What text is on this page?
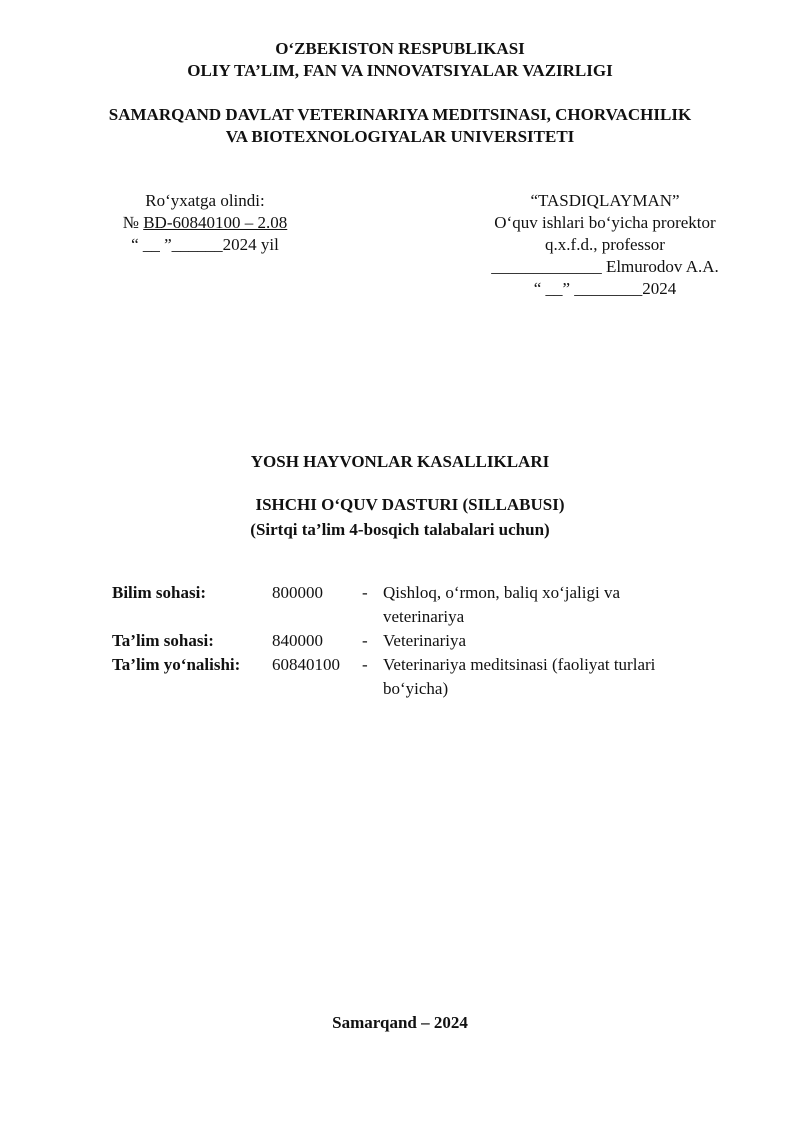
O‘ZBEKISTON RESPUBLIKASI
OLIY TA’LIM, FAN VA INNOVATSIYALAR VAZIRLIGI
SAMARQAND DAVLAT VETERINARIYA MEDITSINASI, CHORVACHILIK
VA BIOTEXNOLOGIYALAR UNIVERSITETI
Ro‘yxatga olindi:
№ BD-60840100 – 2.08
“ __ ”______2024 yil
“TASDIQLAYMAN”
O‘quv ishlari bo‘yicha prorektor
q.x.f.d., professor
_____________ Elmurodov A.A.
“ __” ________2024
YOSH HAYVONLAR KASALLIKLARI
ISHCHI O‘QUV DASTURI (SILLABUSI)
(Sirtqi ta’lim 4-bosqich talabalari uchun)
Bilim sohasi:	800000 - Qishloq, o‘rmon, baliq xo‘jaligi va
veterinariya
Ta’lim sohasi:	840000 - Veterinariya
Ta’lim yo‘nalishi: 60840100 - Veterinariya meditsinasi (faoliyat turlari
bo‘yicha)
Samarqand – 2024
